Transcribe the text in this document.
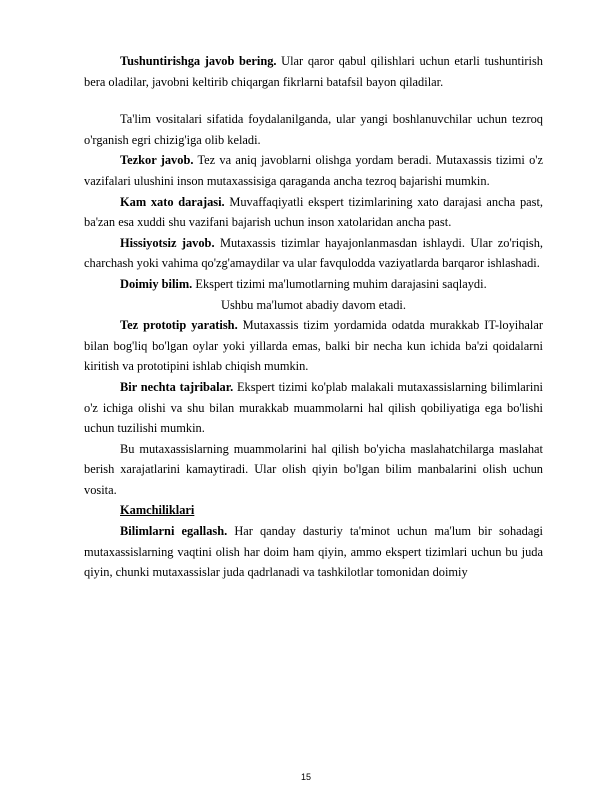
Tushuntirishga javob bering. Ular qaror qabul qilishlari uchun etarli tushuntirish bera oladilar, javobni keltirib chiqargan fikrlarni batafsil bayon qiladilar.

Ta'lim vositalari sifatida foydalanilganda, ular yangi boshlanuvchilar uchun tezroq o'rganish egri chizig'iga olib keladi.

Tezkor javob. Tez va aniq javoblarni olishga yordam beradi. Mutaxassis tizimi o'z vazifalari ulushini inson mutaxassisiga qaraganda ancha tezroq bajarishi mumkin.

Kam xato darajasi. Muvaffaqiyatli ekspert tizimlarining xato darajasi ancha past, ba'zan esa xuddi shu vazifani bajarish uchun inson xatolaridan ancha past.

Hissiyotsiz javob. Mutaxassis tizimlar hayajonlanmasdan ishlaydi. Ular zo'riqish, charchash yoki vahima qo'zg'amaydilar va ular favqulodda vaziyatlarda barqaror ishlashadi.

Doimiy bilim. Ekspert tizimi ma'lumotlarning muhim darajasini saqlaydi.

Ushbu ma'lumot abadiy davom etadi.

Tez prototip yaratish. Mutaxassis tizim yordamida odatda murakkab IT-loyihalar bilan bog'liq bo'lgan oylar yoki yillarda emas, balki bir necha kun ichida ba'zi qoidalarni kiritish va prototipini ishlab chiqish mumkin.

Bir nechta tajribalar. Ekspert tizimi ko'plab malakali mutaxassislarning bilimlarini o'z ichiga olishi va shu bilan murakkab muammolarni hal qilish qobiliyatiga ega bo'lishi uchun tuzilishi mumkin.

Bu mutaxassislarning muammolarini hal qilish bo'yicha maslahatchilarga maslahat berish xarajatlarini kamaytiradi. Ular olish qiyin bo'lgan bilim manbalarini olish uchun vosita.

Kamchiliklari

Bilimlarni egallash. Har qanday dasturiy ta'minot uchun ma'lum bir sohadagi mutaxassislarning vaqtini olish har doim ham qiyin, ammo ekspert tizimlari uchun bu juda qiyin, chunki mutaxassislar juda qadrlanadi va tashkilotlar tomonidan doimiy

15
